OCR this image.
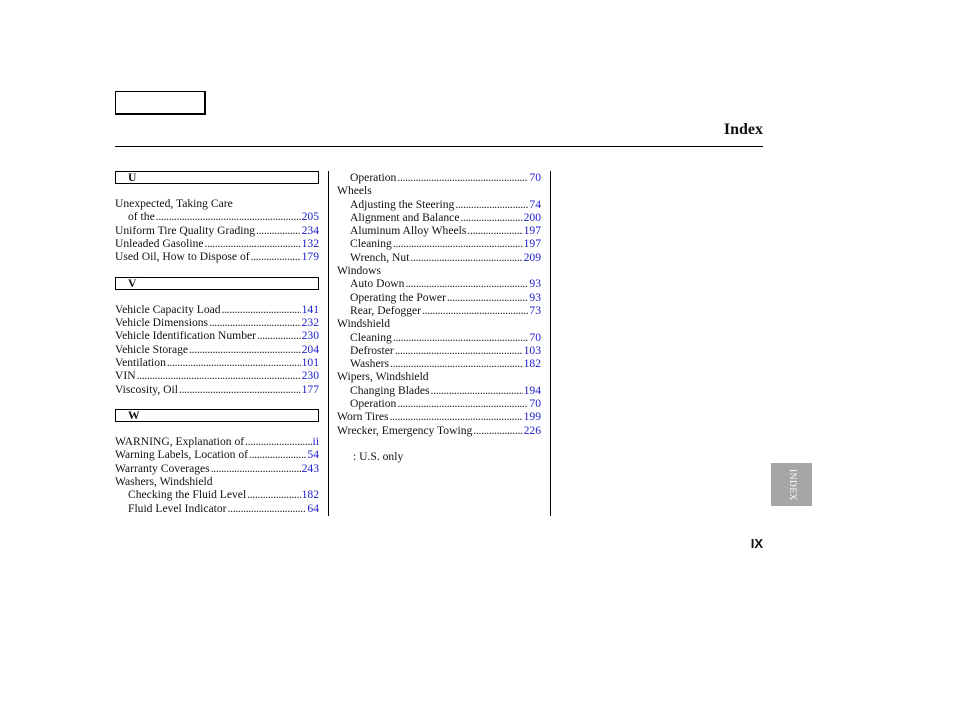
Index
U
Unexpected, Taking Care
of the . . .	205
Uniform Tire Quality Grading . . .	234
Unleaded Gasoline . . .	132
Used Oil, How to Dispose of . . .	179
V
Vehicle Capacity Load . . .	141
Vehicle Dimensions . . .	232
Vehicle Identification Number . . .	230
Vehicle Storage . . .	204
Ventilation . . .	101
VIN . . .	230
Viscosity, Oil . . .	177
W
WARNING, Explanation of . . .	ii
Warning Labels, Location of . . .	54
Warranty Coverages . . .	243
Washers, Windshield
Checking the Fluid Level . . .	182
Fluid Level Indicator . . .	64
Operation . . .	70
Wheels
Adjusting the Steering . . .	74
Alignment and Balance . . .	200
Aluminum Alloy Wheels . . .	197
Cleaning . . .	197
Wrench, Nut . . .	209
Windows
Auto Down . . .	93
Operating the Power . . .	93
Rear, Defogger . . .	73
Windshield
Cleaning . . .	70
Defroster . . .	103
Washers . . .	182
Wipers, Windshield
Changing Blades . . .	194
Operation . . .	70
Worn Tires . . .	199
Wrecker, Emergency Towing . . .	226
: U.S. only
INDEX
IX
